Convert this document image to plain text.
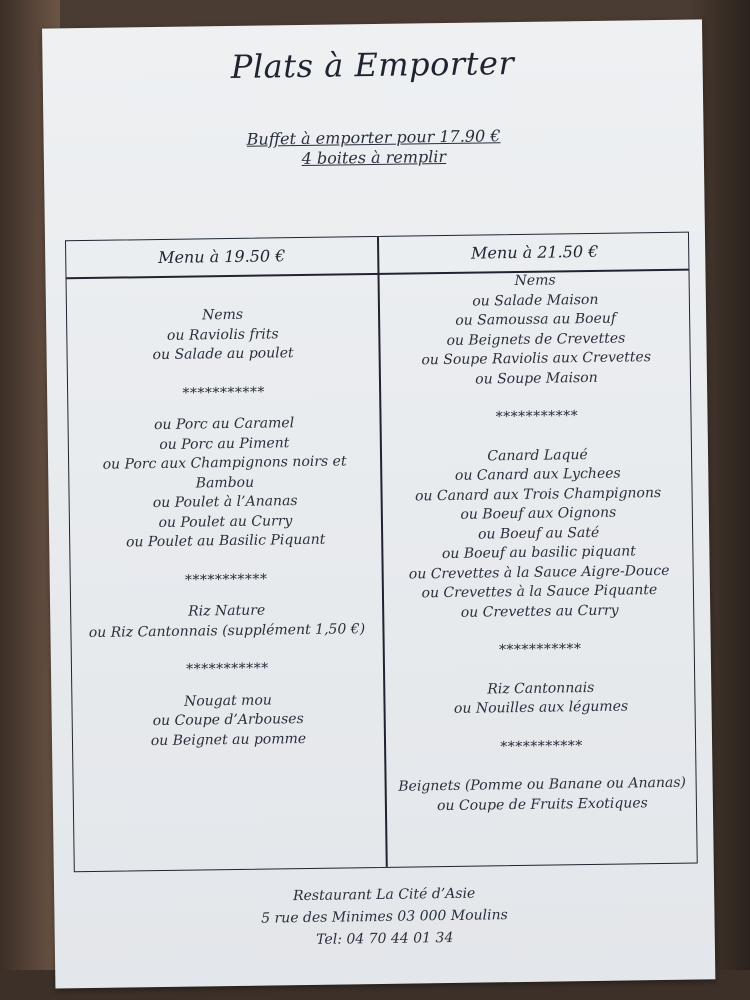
Plats à Emporter
Buffet à emporter pour 17.90 €
4 boites à remplir
Menu à 19.50 €	Menu à 21.50 €
Nems
ou Raviolis frits
ou Salade au poulet
***********
ou Porc au Caramel
ou Porc au Piment
ou Porc aux Champignons noirs et
Bambou
ou Poulet à l’Ananas
ou Poulet au Curry
ou Poulet au Basilic Piquant
***********
Riz Nature
ou Riz Cantonnais (supplément 1,50 €)
***********
Nougat mou
ou Coupe d’Arbouses
ou Beignet au pomme
Nems
ou Salade Maison
ou Samoussa au Boeuf
ou Beignets de Crevettes
ou Soupe Raviolis aux Crevettes
ou Soupe Maison
***********
Canard Laqué
ou Canard aux Lychees
ou Canard aux Trois Champignons
ou Boeuf aux Oignons
ou Boeuf au Saté
ou Boeuf au basilic piquant
ou Crevettes à la Sauce Aigre-Douce
ou Crevettes à la Sauce Piquante
ou Crevettes au Curry
***********
Riz Cantonnais
ou Nouilles aux légumes
***********
Beignets (Pomme ou Banane ou Ananas)
ou Coupe de Fruits Exotiques
Restaurant La Cité d’Asie
5 rue des Minimes 03 000 Moulins
Tel: 04 70 44 01 34
